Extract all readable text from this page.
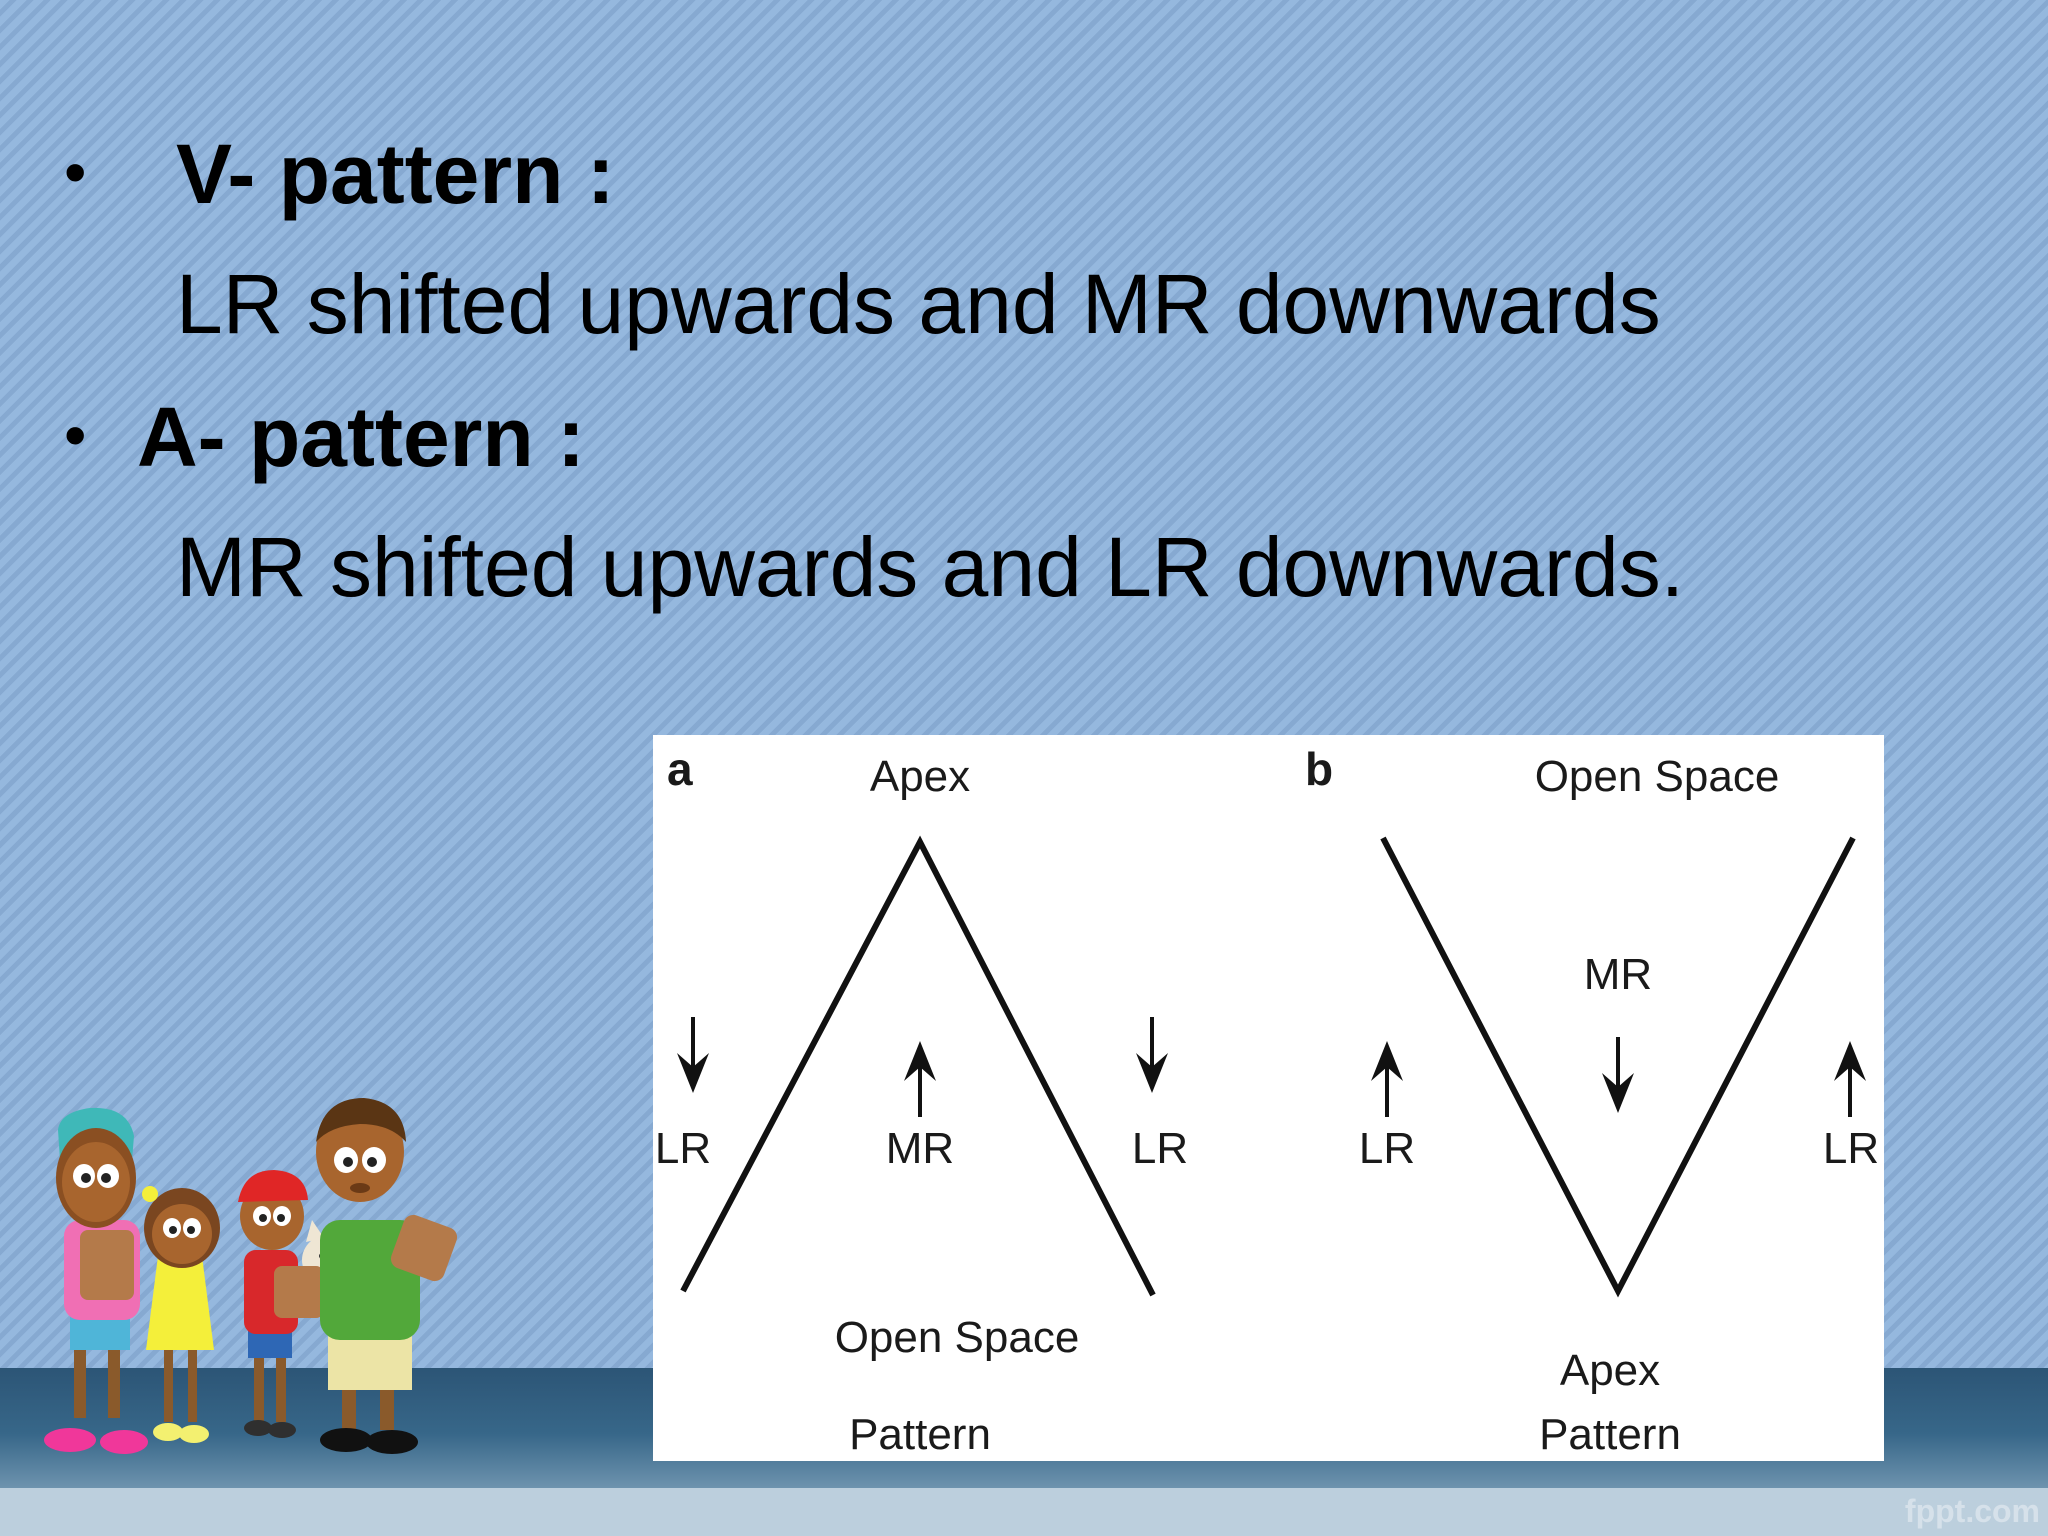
• V- pattern :
LR shifted upwards and MR downwards
• A- pattern :
MR shifted upwards and LR downwards.
fppt.com
a	Apex
LR	MR	LR
Open Space
Pattern
b	Open Space
MR
LR	LR
Apex
Pattern
